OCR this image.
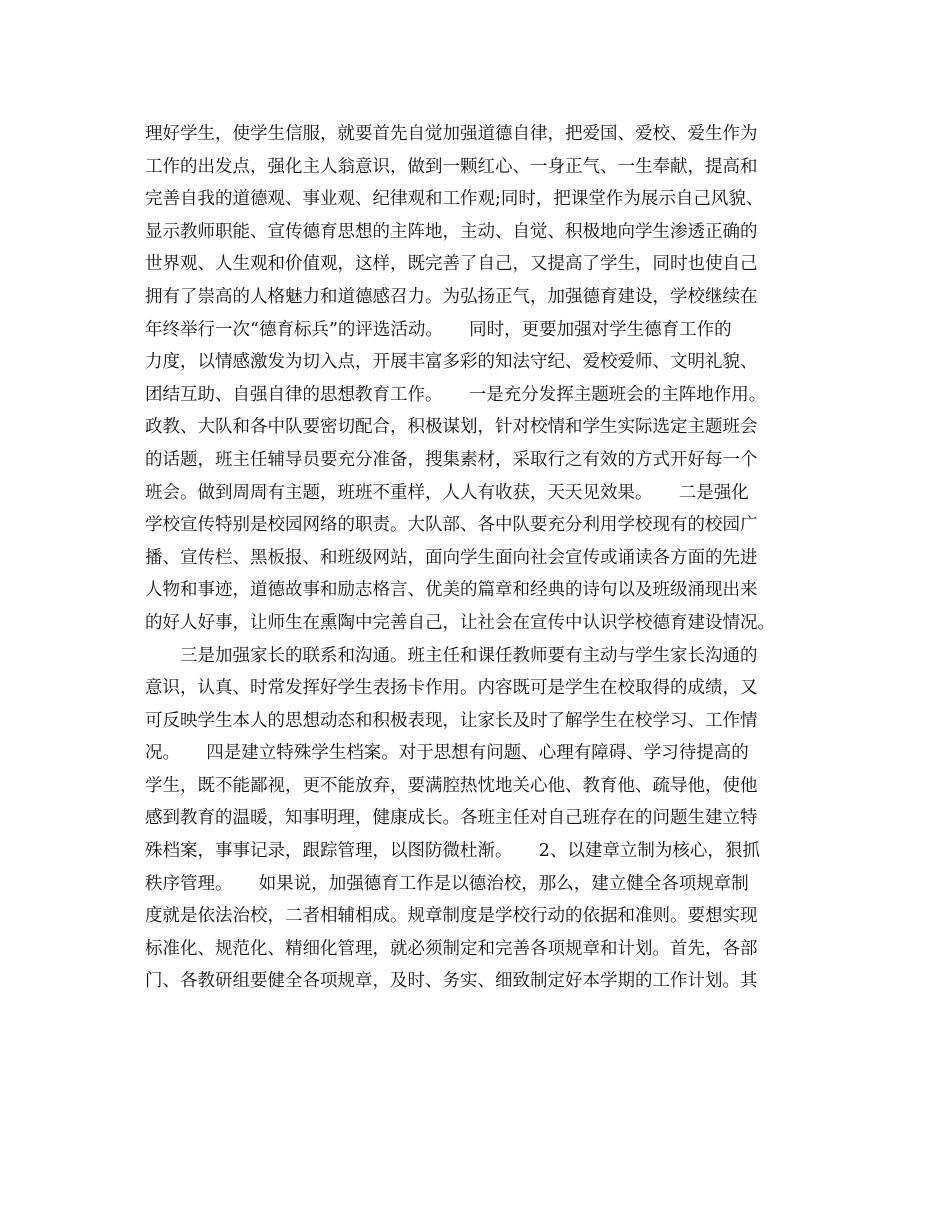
理好学生，使学生信服，就要首先自觉加强道德自律，把爱国、爱校、爱生作为
工作的出发点，强化主人翁意识，做到一颗红心、一身正气、一生奉献，提高和
完善自我的道德观、事业观、纪律观和工作观;同时，把课堂作为展示自己风貌、
显示教师职能、宣传德育思想的主阵地，主动、自觉、积极地向学生渗透正确的
世界观、人生观和价值观，这样，既完善了自己，又提高了学生，同时也使自己
拥有了崇高的人格魅力和道德感召力。为弘扬正气，加强德育建设，学校继续在
年终举行一次“德育标兵”的评选活动。　　同时，更要加强对学生德育工作的
力度，以情感激发为切入点，开展丰富多彩的知法守纪、爱校爱师、文明礼貌、
团结互助、自强自律的思想教育工作。　　一是充分发挥主题班会的主阵地作用。
政教、大队和各中队要密切配合，积极谋划，针对校情和学生实际选定主题班会
的话题，班主任辅导员要充分准备，搜集素材，采取行之有效的方式开好每一个
班会。做到周周有主题，班班不重样，人人有收获，天天见效果。　　二是强化
学校宣传特别是校园网络的职责。大队部、各中队要充分利用学校现有的校园广
播、宣传栏、黑板报、和班级网站，面向学生面向社会宣传或诵读各方面的先进
人物和事迹，道德故事和励志格言、优美的篇章和经典的诗句以及班级涌现出来
的好人好事，让师生在熏陶中完善自己，让社会在宣传中认识学校德育建设情况。
　　三是加强家长的联系和沟通。班主任和课任教师要有主动与学生家长沟通的
意识，认真、时常发挥好学生表扬卡作用。内容既可是学生在校取得的成绩，又
可反映学生本人的思想动态和积极表现，让家长及时了解学生在校学习、工作情
况。　　四是建立特殊学生档案。对于思想有问题、心理有障碍、学习待提高的
学生，既不能鄙视，更不能放弃，要满腔热忱地关心他、教育他、疏导他，使他
感到教育的温暖，知事明理，健康成长。各班主任对自己班存在的问题生建立特
殊档案，事事记录，跟踪管理，以图防微杜渐。　　2、以建章立制为核心，狠抓
秩序管理。　　如果说，加强德育工作是以德治校，那么，建立健全各项规章制
度就是依法治校，二者相辅相成。规章制度是学校行动的依据和准则。要想实现
标准化、规范化、精细化管理，就必须制定和完善各项规章和计划。首先，各部
门、各教研组要健全各项规章，及时、务实、细致制定好本学期的工作计划。其
